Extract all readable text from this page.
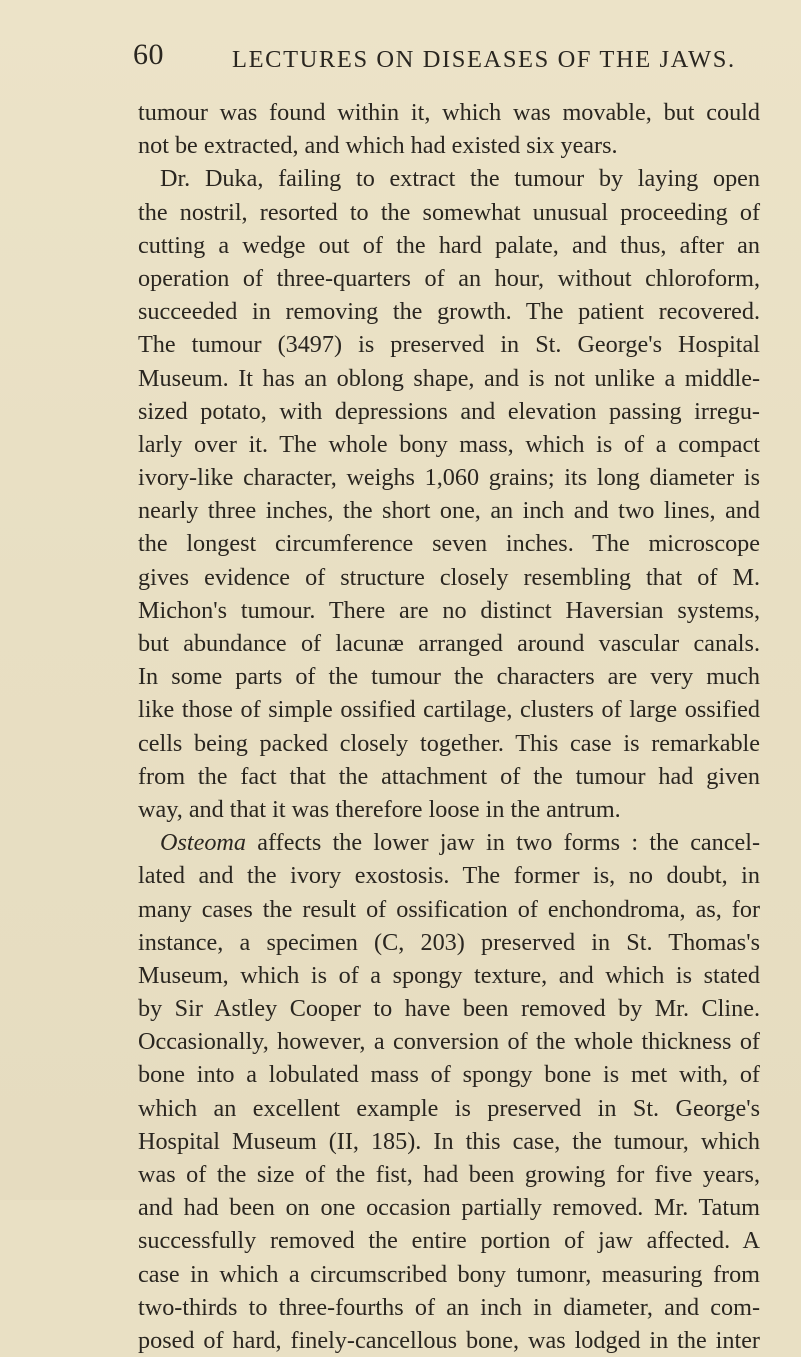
60	LECTURES ON DISEASES OF THE JAWS.
tumour was found within it, which was movable, but could
not be extracted, and which had existed six years.
Dr. Duka, failing to extract the tumour by laying open
the nostril, resorted to the somewhat unusual proceeding of
cutting a wedge out of the hard palate, and thus, after an
operation of three-quarters of an hour, without chloroform,
succeeded in removing the growth. The patient recovered.
The tumour (3497) is preserved in St. George's Hospital
Museum. It has an oblong shape, and is not unlike a middle-
sized potato, with depressions and elevation passing irregu-
larly over it. The whole bony mass, which is of a compact
ivory-like character, weighs 1,060 grains; its long diameter is
nearly three inches, the short one, an inch and two lines, and
the longest circumference seven inches. The microscope
gives evidence of structure closely resembling that of M.
Michon's tumour. There are no distinct Haversian systems,
but abundance of lacunæ arranged around vascular canals.
In some parts of the tumour the characters are very much
like those of simple ossified cartilage, clusters of large ossified
cells being packed closely together. This case is remarkable
from the fact that the attachment of the tumour had given
way, and that it was therefore loose in the antrum.
Osteoma affects the lower jaw in two forms : the cancel-
lated and the ivory exostosis. The former is, no doubt, in
many cases the result of ossification of enchondroma, as, for
instance, a specimen (C, 203) preserved in St. Thomas's
Museum, which is of a spongy texture, and which is stated
by Sir Astley Cooper to have been removed by Mr. Cline.
Occasionally, however, a conversion of the whole thickness of
bone into a lobulated mass of spongy bone is met with, of
which an excellent example is preserved in St. George's
Hospital Museum (II, 185). In this case, the tumour, which
was of the size of the fist, had been growing for five years,
and had been on one occasion partially removed. Mr. Tatum
successfully removed the entire portion of jaw affected. A
case in which a circumscribed bony tumonr, measuring from
two-thirds to three-fourths of an inch in diameter, and com-
posed of hard, finely-cancellous bone, was lodged in the inter
